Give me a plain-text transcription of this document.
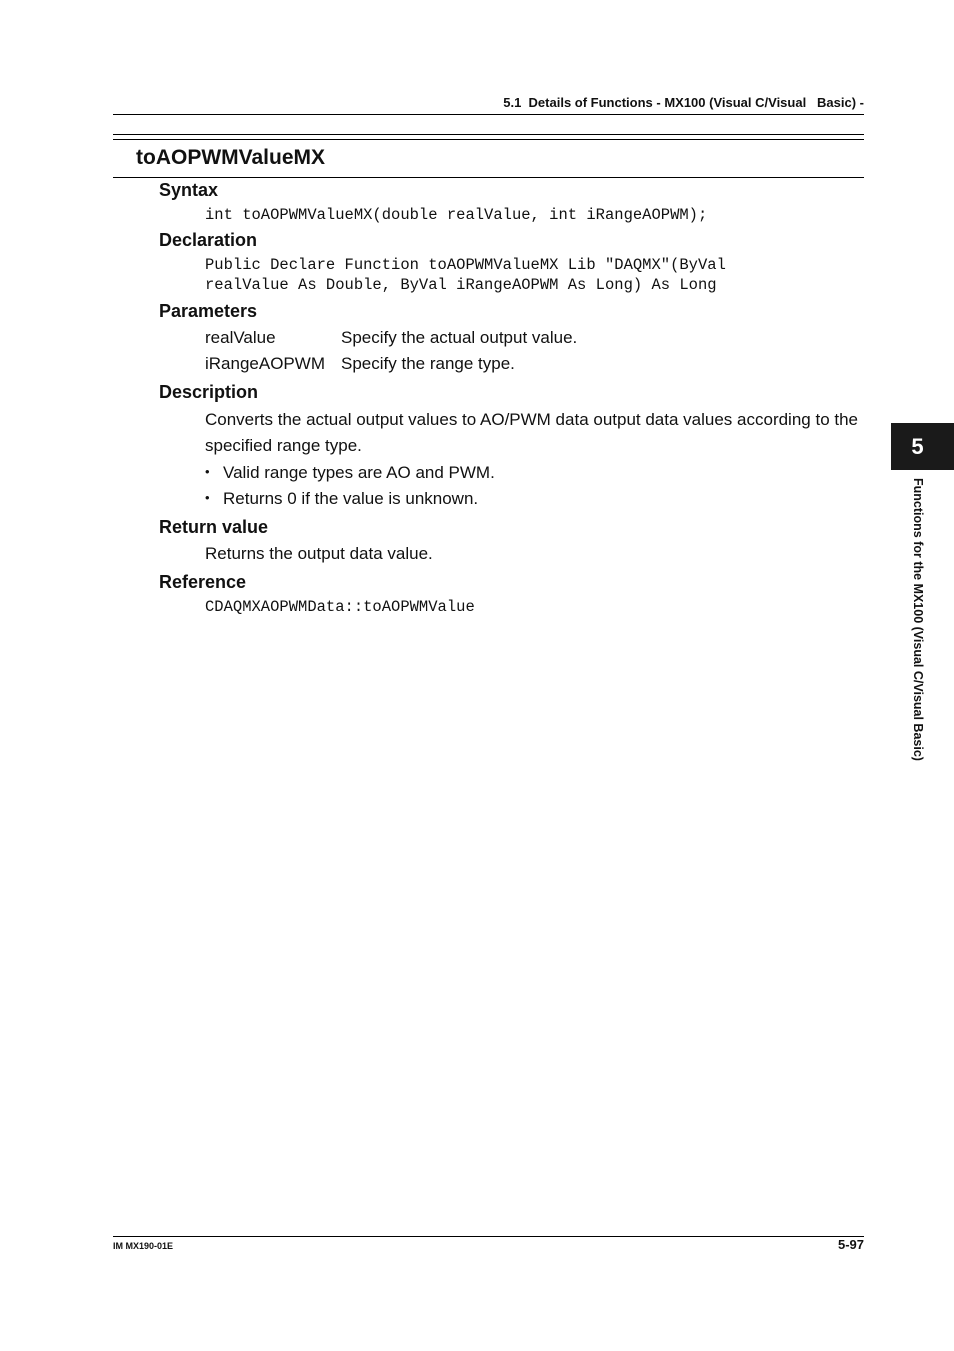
5.1  Details of Functions - MX100 (Visual C/Visual   Basic) -
toAOPWMValueMX
Syntax
int toAOPWMValueMX(double realValue, int iRangeAOPWM);
Declaration
Public Declare Function toAOPWMValueMX Lib "DAQMX"(ByVal
realValue As Double, ByVal iRangeAOPWM As Long) As Long
Parameters
realValue	Specify the actual output value.
iRangeAOPWM Specify the range type.
Description
Converts the actual output values to AO/PWM data output data values according to the specified range type.
• Valid range types are AO and PWM.
• Returns 0 if the value is unknown.
Return value
Returns the output data value.
Reference
CDAQMXAOPWMData::toAOPWMValue
5
Functions for the MX100 (Visual C/Visual Basic)
IM MX190-01E	5-97
